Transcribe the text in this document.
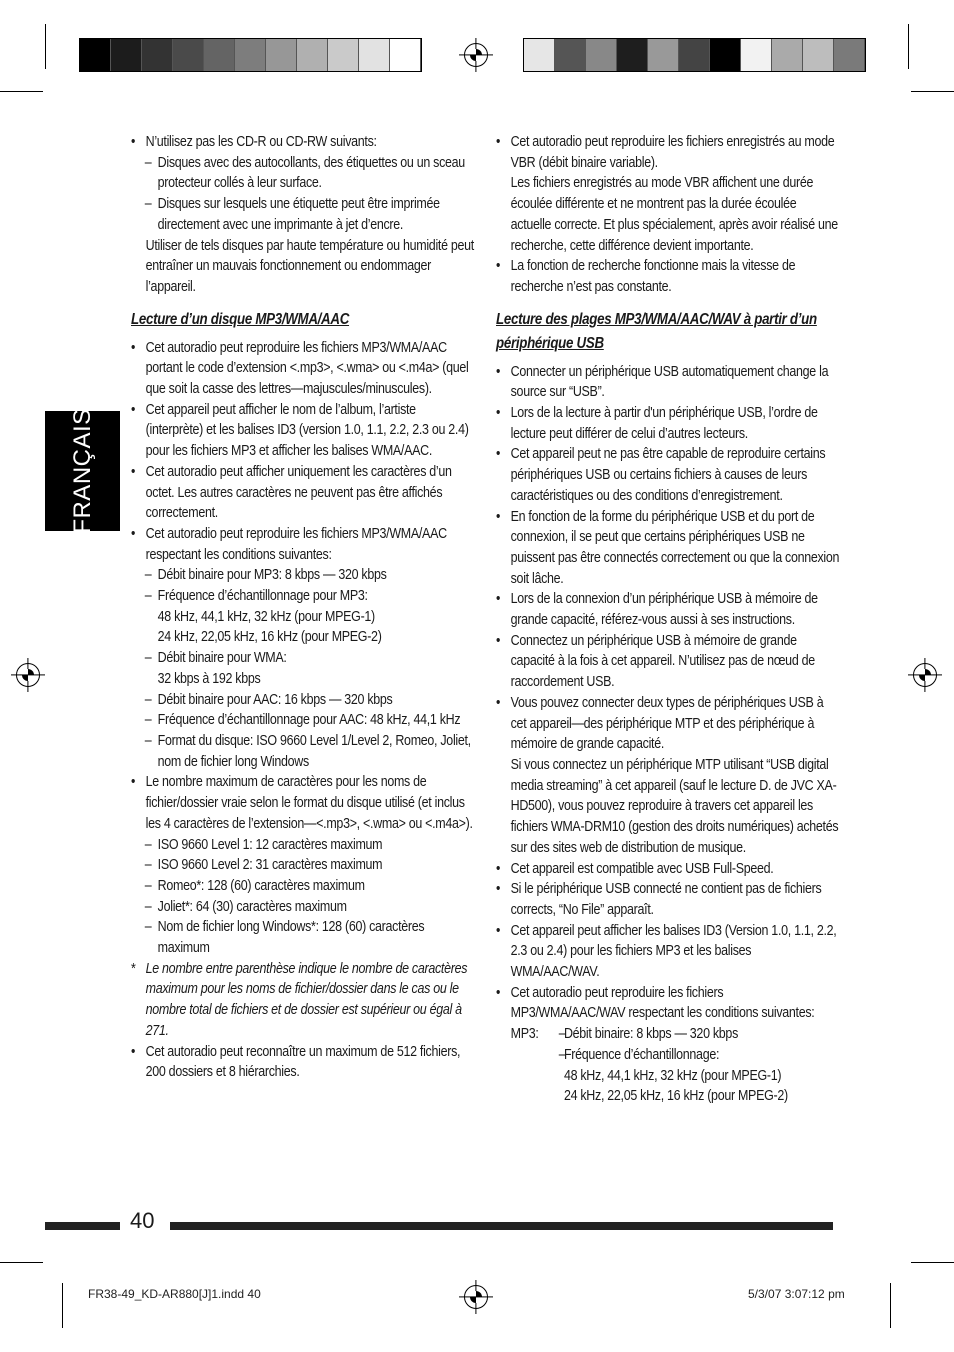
FRANÇAIS

• N’utilisez pas les CD-R ou CD-RW suivants:

– Disques avec des autocollants, des étiquettes ou un sceau protecteur collés à leur surface.

– Disques sur lesquels une étiquette peut être imprimée directement avec une imprimante à jet d’encre.

Utiliser de tels disques par haute température ou humidité peut entraîner un mauvais fonctionnement ou endommager l’appareil.

Lecture d’un disque MP3/WMA/AAC

• Cet autoradio peut reproduire les fichiers MP3/WMA/AAC portant le code d’extension <.mp3>, <.wma> ou <.m4a> (quel que soit la casse des lettres—majuscules/minuscules).

• Cet appareil peut afficher le nom de l’album, l’artiste (interprète) et les balises ID3 (version 1.0, 1.1, 2.2, 2.3 ou 2.4) pour les fichiers MP3 et afficher les balises WMA/AAC.

• Cet autoradio peut afficher uniquement les caractères d’un octet. Les autres caractères ne peuvent pas être affichés correctement.

• Cet autoradio peut reproduire les fichiers MP3/WMA/AAC respectant les conditions suivantes:

– Débit binaire pour MP3: 8 kbps — 320 kbps

– Fréquence d’échantillonnage pour MP3:

48 kHz, 44,1 kHz, 32 kHz (pour MPEG-1)

24 kHz, 22,05 kHz, 16 kHz (pour MPEG-2)

– Débit binaire pour WMA:

32 kbps à 192 kbps

– Débit binaire pour AAC: 16 kbps — 320 kbps

– Fréquence d’échantillonnage pour AAC: 48 kHz, 44,1 kHz

– Format du disque: ISO 9660 Level 1/Level 2, Romeo, Joliet, nom de fichier long Windows

• Le nombre maximum de caractères pour les noms de fichier/dossier vraie selon le format du disque utilisé (et inclus les 4 caractères de l’extension—<.mp3>, <.wma> ou <.m4a>).

– ISO 9660 Level 1: 12 caractères maximum

– ISO 9660 Level 2: 31 caractères maximum

– Romeo*: 128 (60) caractères maximum

– Joliet*: 64 (30) caractères maximum

– Nom de fichier long Windows*: 128 (60) caractères maximum

* Le nombre entre parenthèse indique le nombre de caractères maximum pour les noms de fichier/dossier dans le cas ou le nombre total de fichiers et de dossier est supérieur ou égal à 271.

• Cet autoradio peut reconnaître un maximum de 512 fichiers, 200 dossiers et 8 hiérarchies.

• Cet autoradio peut reproduire les fichiers enregistrés au mode VBR (débit binaire variable).

Les fichiers enregistrés au mode VBR affichent une durée écoulée différente et ne montrent pas la durée écoulée actuelle correcte. Et plus spécialement, après avoir réalisé une recherche, cette différence devient importante.

• La fonction de recherche fonctionne mais la vitesse de recherche n’est pas constante.

Lecture des plages MP3/WMA/AAC/WAV à partir d’un périphérique USB

• Connecter un périphérique USB automatiquement change la source sur “USB”.

• Lors de la lecture à partir d'un périphérique USB, l’ordre de lecture peut différer de celui d’autres lecteurs.

• Cet appareil peut ne pas être capable de reproduire certains périphériques USB ou certains fichiers à causes de leurs caractéristiques ou des conditions d’enregistrement.

• En fonction de la forme du périphérique USB et du port de connexion, il se peut que certains périphériques USB ne puissent pas être connectés correctement ou que la connexion soit lâche.

• Lors de la connexion d’un périphérique USB à mémoire de grande capacité, référez-vous aussi à ses instructions.

• Connectez un périphérique USB à mémoire de grande capacité à la fois à cet appareil. N’utilisez pas de nœud de raccordement USB.

• Vous pouvez connecter deux types de périphériques USB à cet appareil—des périphérique MTP et des périphérique à mémoire de grande capacité.

Si vous connectez un périphérique MTP utilisant “USB digital media streaming” à cet appareil (sauf le lecture D. de JVC XA-HD500), vous pouvez reproduire à travers cet appareil les fichiers WMA-DRM10 (gestion des droits numériques) achetés sur des sites web de distribution de musique.

• Cet appareil est compatible avec USB Full-Speed.

• Si le périphérique USB connecté ne contient pas de fichiers corrects, “No File” apparaît.

• Cet appareil peut afficher les balises ID3 (Version 1.0, 1.1, 2.2, 2.3 ou 2.4) pour les fichiers MP3 et les balises WMA/AAC/WAV.

• Cet autoradio peut reproduire les fichiers MP3/WMA/AAC/WAV respectant les conditions suivantes:

MP3:

–	Débit binaire: 8 kbps — 320 kbps

– Fréquence d’échantillonnage:

48 kHz, 44,1 kHz, 32 kHz (pour MPEG-1)

24 kHz, 22,05 kHz, 16 kHz (pour MPEG-2)

40
FR38-49_KD-AR880[J]1.indd 40	5/3/07 3:07:12 pm
